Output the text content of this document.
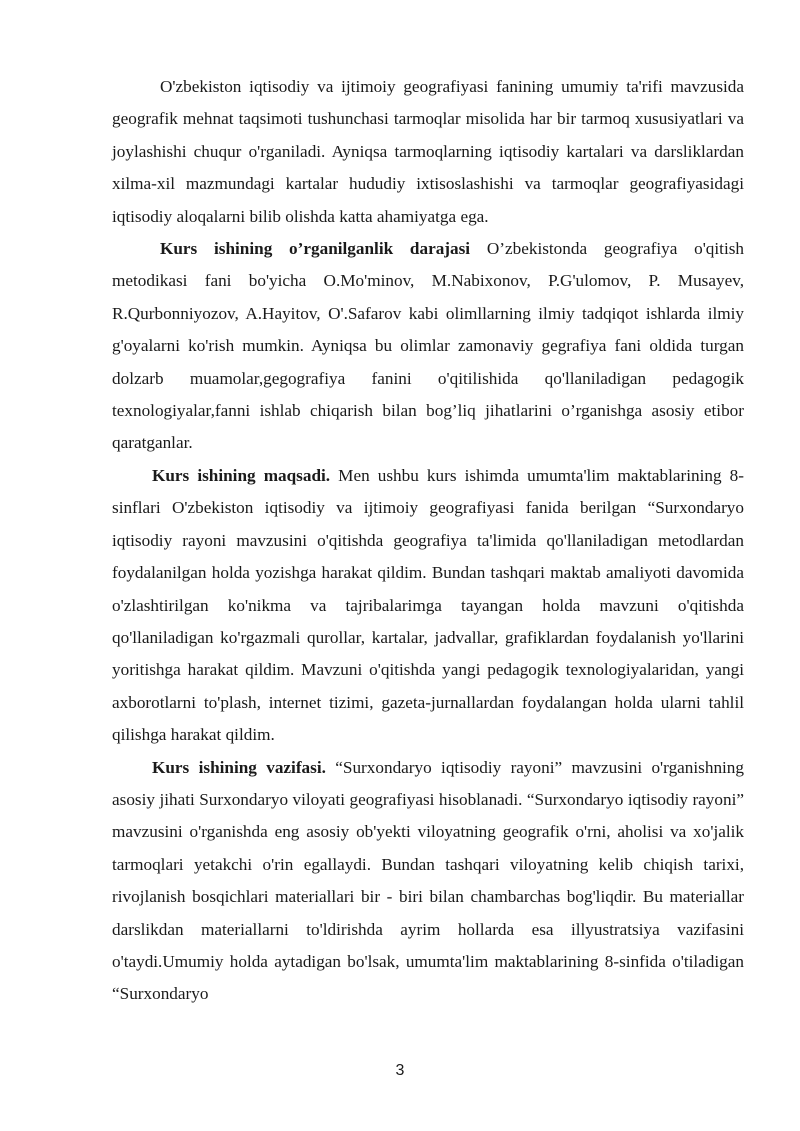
O'zbekiston iqtisodiy va ijtimoiy geografiyasi fanining umumiy ta'rifi mavzusida geografik mehnat taqsimoti tushunchasi tarmoqlar misolida har bir tarmoq xususiyatlari va joylashishi chuqur o'rganiladi. Ayniqsa tarmoqlarning iqtisodiy kartalari va darsliklardan xilma-xil mazmundagi kartalar hududiy ixtisoslashishi va tarmoqlar geografiyasidagi iqtisodiy aloqalarni bilib olishda katta ahamiyatga ega.

Kurs ishining o’rganilganlik darajasi O’zbekistonda geografiya o'qitish metodikasi fani bo'yicha O.Mo'minov, M.Nabixonov, P.G'ulomov, P. Musayev, R.Qurbonniyozov, A.Hayitov, O'.Safarov kabi olimllarning ilmiy tadqiqot ishlarda ilmiy g'oyalarni ko'rish mumkin. Ayniqsa bu olimlar zamonaviy gegrafiya fani oldida turgan dolzarb muamolar,gegografiya fanini o'qitilishida qo'llaniladigan pedagogik texnologiyalar,fanni ishlab chiqarish bilan bog’liq jihatlarini o’rganishga asosiy etibor qaratganlar.

Kurs ishining maqsadi. Men ushbu kurs ishimda umumta'lim maktablarining 8- sinflari O'zbekiston iqtisodiy va ijtimoiy geografiyasi fanida berilgan “Surxondaryo iqtisodiy rayoni mavzusini o'qitishda geografiya ta'limida qo'llaniladigan metodlardan foydalanilgan holda yozishga harakat qildim. Bundan tashqari maktab amaliyoti davomida o'zlashtirilgan ko'nikma va tajribalarimga tayangan holda mavzuni o'qitishda qo'llaniladigan ko'rgazmali qurollar, kartalar, jadvallar, grafiklardan foydalanish yo'llarini yoritishga harakat qildim. Mavzuni o'qitishda yangi pedagogik texnologiyalaridan, yangi axborotlarni to'plash, internet tizimi, gazeta-jurnallardan foydalangan holda ularni tahlil qilishga harakat qildim.

Kurs ishining vazifasi. “Surxondaryo iqtisodiy rayoni” mavzusini o'rganishning asosiy jihati Surxondaryo viloyati geografiyasi hisoblanadi. “Surxondaryo iqtisodiy rayoni” mavzusini o'rganishda eng asosiy ob'yekti viloyatning geografik o'rni, aholisi va xo'jalik tarmoqlari yetakchi o'rin egallaydi. Bundan tashqari viloyatning kelib chiqish tarixi, rivojlanish bosqichlari materiallari bir - biri bilan chambarchas bog'liqdir. Bu materiallar darslikdan materiallarni to'ldirishda ayrim hollarda esa illyustratsiya vazifasini o'taydi.Umumiy holda aytadigan bo'lsak, umumta'lim maktablarining 8-sinfida o'tiladigan “Surxondaryo

3
